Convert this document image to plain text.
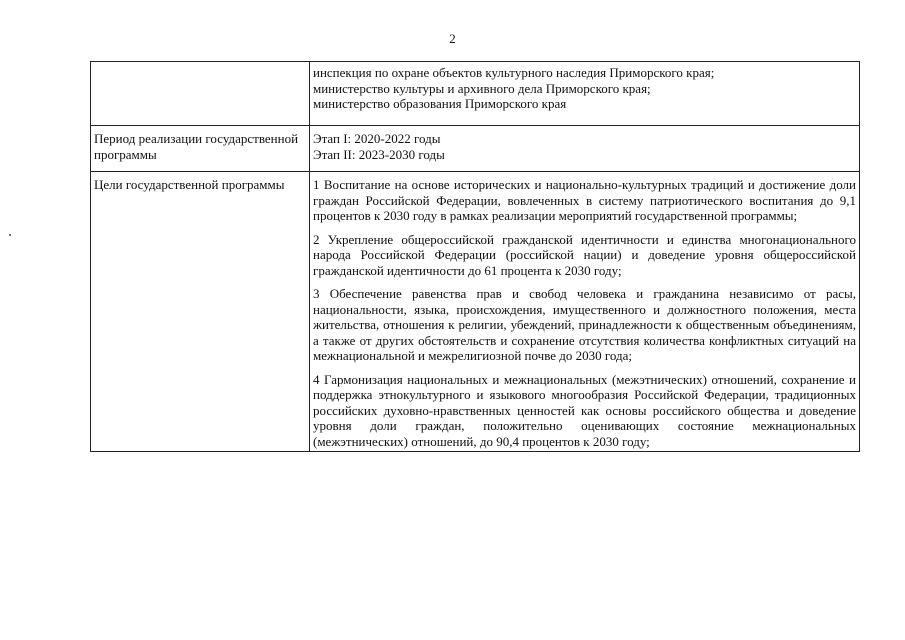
2

	инспекция по охране объектов культурного наследия Приморского края;
министерство культуры и архивного дела Приморского края;
министерство образования Приморского края

Период реализации государственной программы	Этап I: 2020-2022 годы
Этап II: 2023-2030 годы

Цели государственной программы	1 Воспитание на основе исторических и национально-культурных традиций и достижение доли граждан Российской Федерации, вовлеченных в систему патриотического воспитания до 9,1 процентов к 2030 году в рамках реализации мероприятий государственной программы;
2 Укрепление общероссийской гражданской идентичности и единства многонационального народа Российской Федерации (российской нации) и доведение уровня общероссийской гражданской идентичности до 61 процента к 2030 году;
3 Обеспечение равенства прав и свобод человека и гражданина независимо от расы, национальности, языка, происхождения, имущественного и должностного положения, места жительства, отношения к религии, убеждений, принадлежности к общественным объединениям, а также от других обстоятельств и сохранение отсутствия количества конфликтных ситуаций на межнациональной и межрелигиозной почве до 2030 года;
4 Гармонизация национальных и межнациональных (межэтнических) отношений, сохранение и поддержка этнокультурного и языкового многообразия Российской Федерации, традиционных российских духовно-нравственных ценностей как основы российского общества и доведение уровня доли граждан, положительно оценивающих состояние межнациональных (межэтнических) отношений, до 90,4 процентов к 2030 году;
